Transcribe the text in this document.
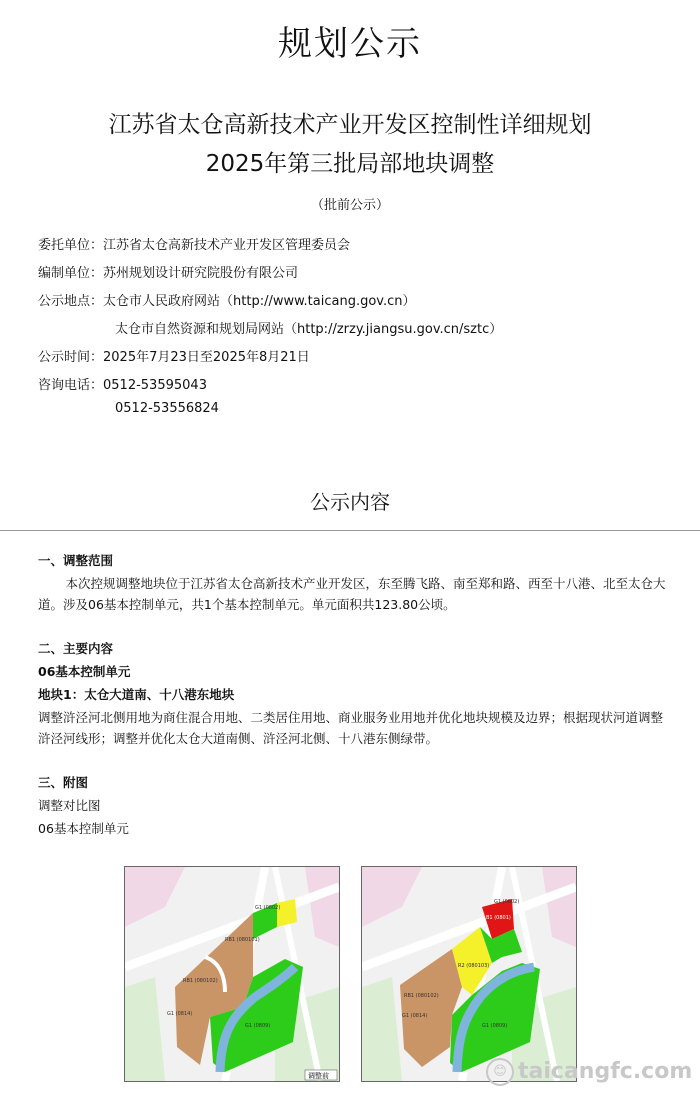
规划公示
江苏省太仓高新技术产业开发区控制性详细规划
2025年第三批局部地块调整
（批前公示）
委托单位：江苏省太仓高新技术产业开发区管理委员会
编制单位：苏州规划设计研究院股份有限公司
公示地点：太仓市人民政府网站（http://www.taicang.gov.cn）
太仓市自然资源和规划局网站（http://zrzy.jiangsu.gov.cn/sztc）
公示时间：2025年7月23日至2025年8月21日
咨询电话：0512-53595043
0512-53556824
公示内容
一、调整范围
本次控规调整地块位于江苏省太仓高新技术产业开发区，东至腾飞路、南至郑和路、西至十八港、北至太仓大道。涉及06基本控制单元，共1个基本控制单元。单元面积共123.80公顷。
二、主要内容
06基本控制单元
地块1：太仓大道南、十八港东地块
调整浒泾河北侧用地为商住混合用地、二类居住用地、商业服务业用地并优化地块规模及边界；根据现状河道调整浒泾河线形；调整并优化太仓大道南侧、浒泾河北侧、十八港东侧绿带。
三、附图
调整对比图
06基本控制单元
RB1 (080101)
RB1 (080102)
G1 (0802)
G1 (0814)
G1 (0809)
调整前
B1 (0801)
R2 (080103)
G1 (0802)
RB1 (080102)
G1 (0814)
G1 (0809)
😊 taicangfc.com
